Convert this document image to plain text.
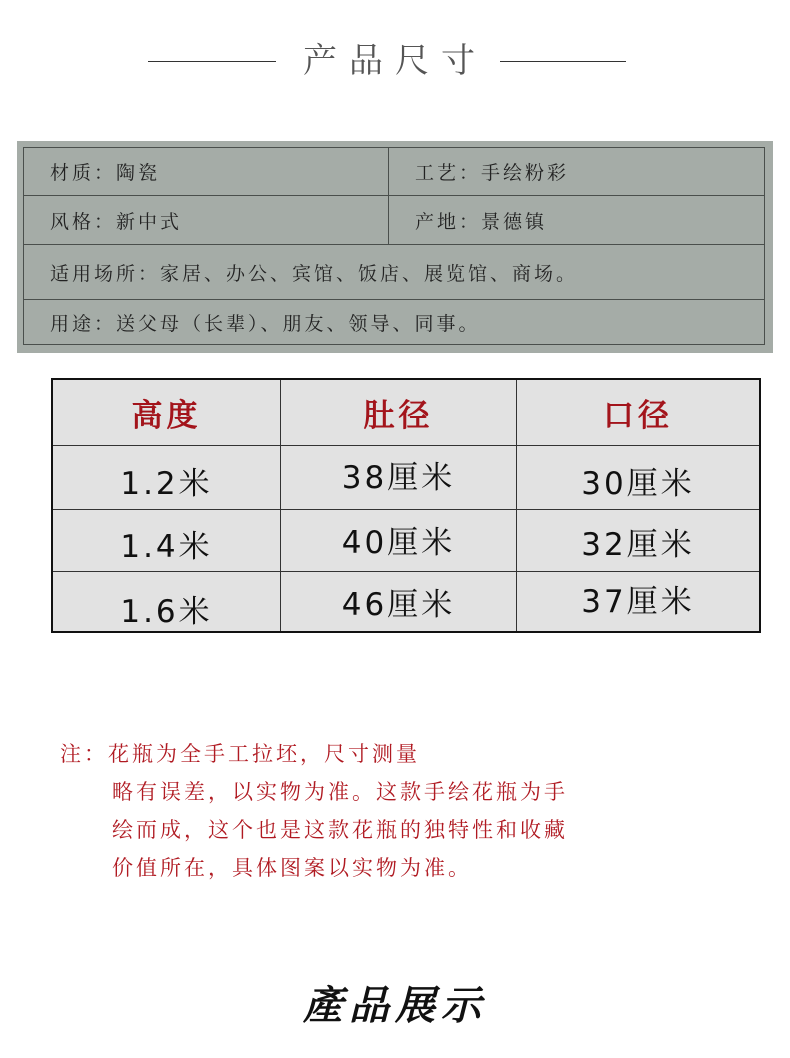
产品尺寸
材质：陶瓷	工艺：手绘粉彩
风格：新中式	产地：景德镇
适用场所：家居、办公、宾馆、饭店、展览馆、商场。
用途：送父母（长辈）、朋友、领导、同事。
高度	肚径	口径
1.2米	38厘米	30厘米
1.4米	40厘米	32厘米
1.6米	46厘米	37厘米
注：花瓶为全手工拉坯，尺寸测量
略有误差，以实物为准。这款手绘花瓶为手
绘而成，这个也是这款花瓶的独特性和收藏
价值所在，具体图案以实物为准。
產品展示
